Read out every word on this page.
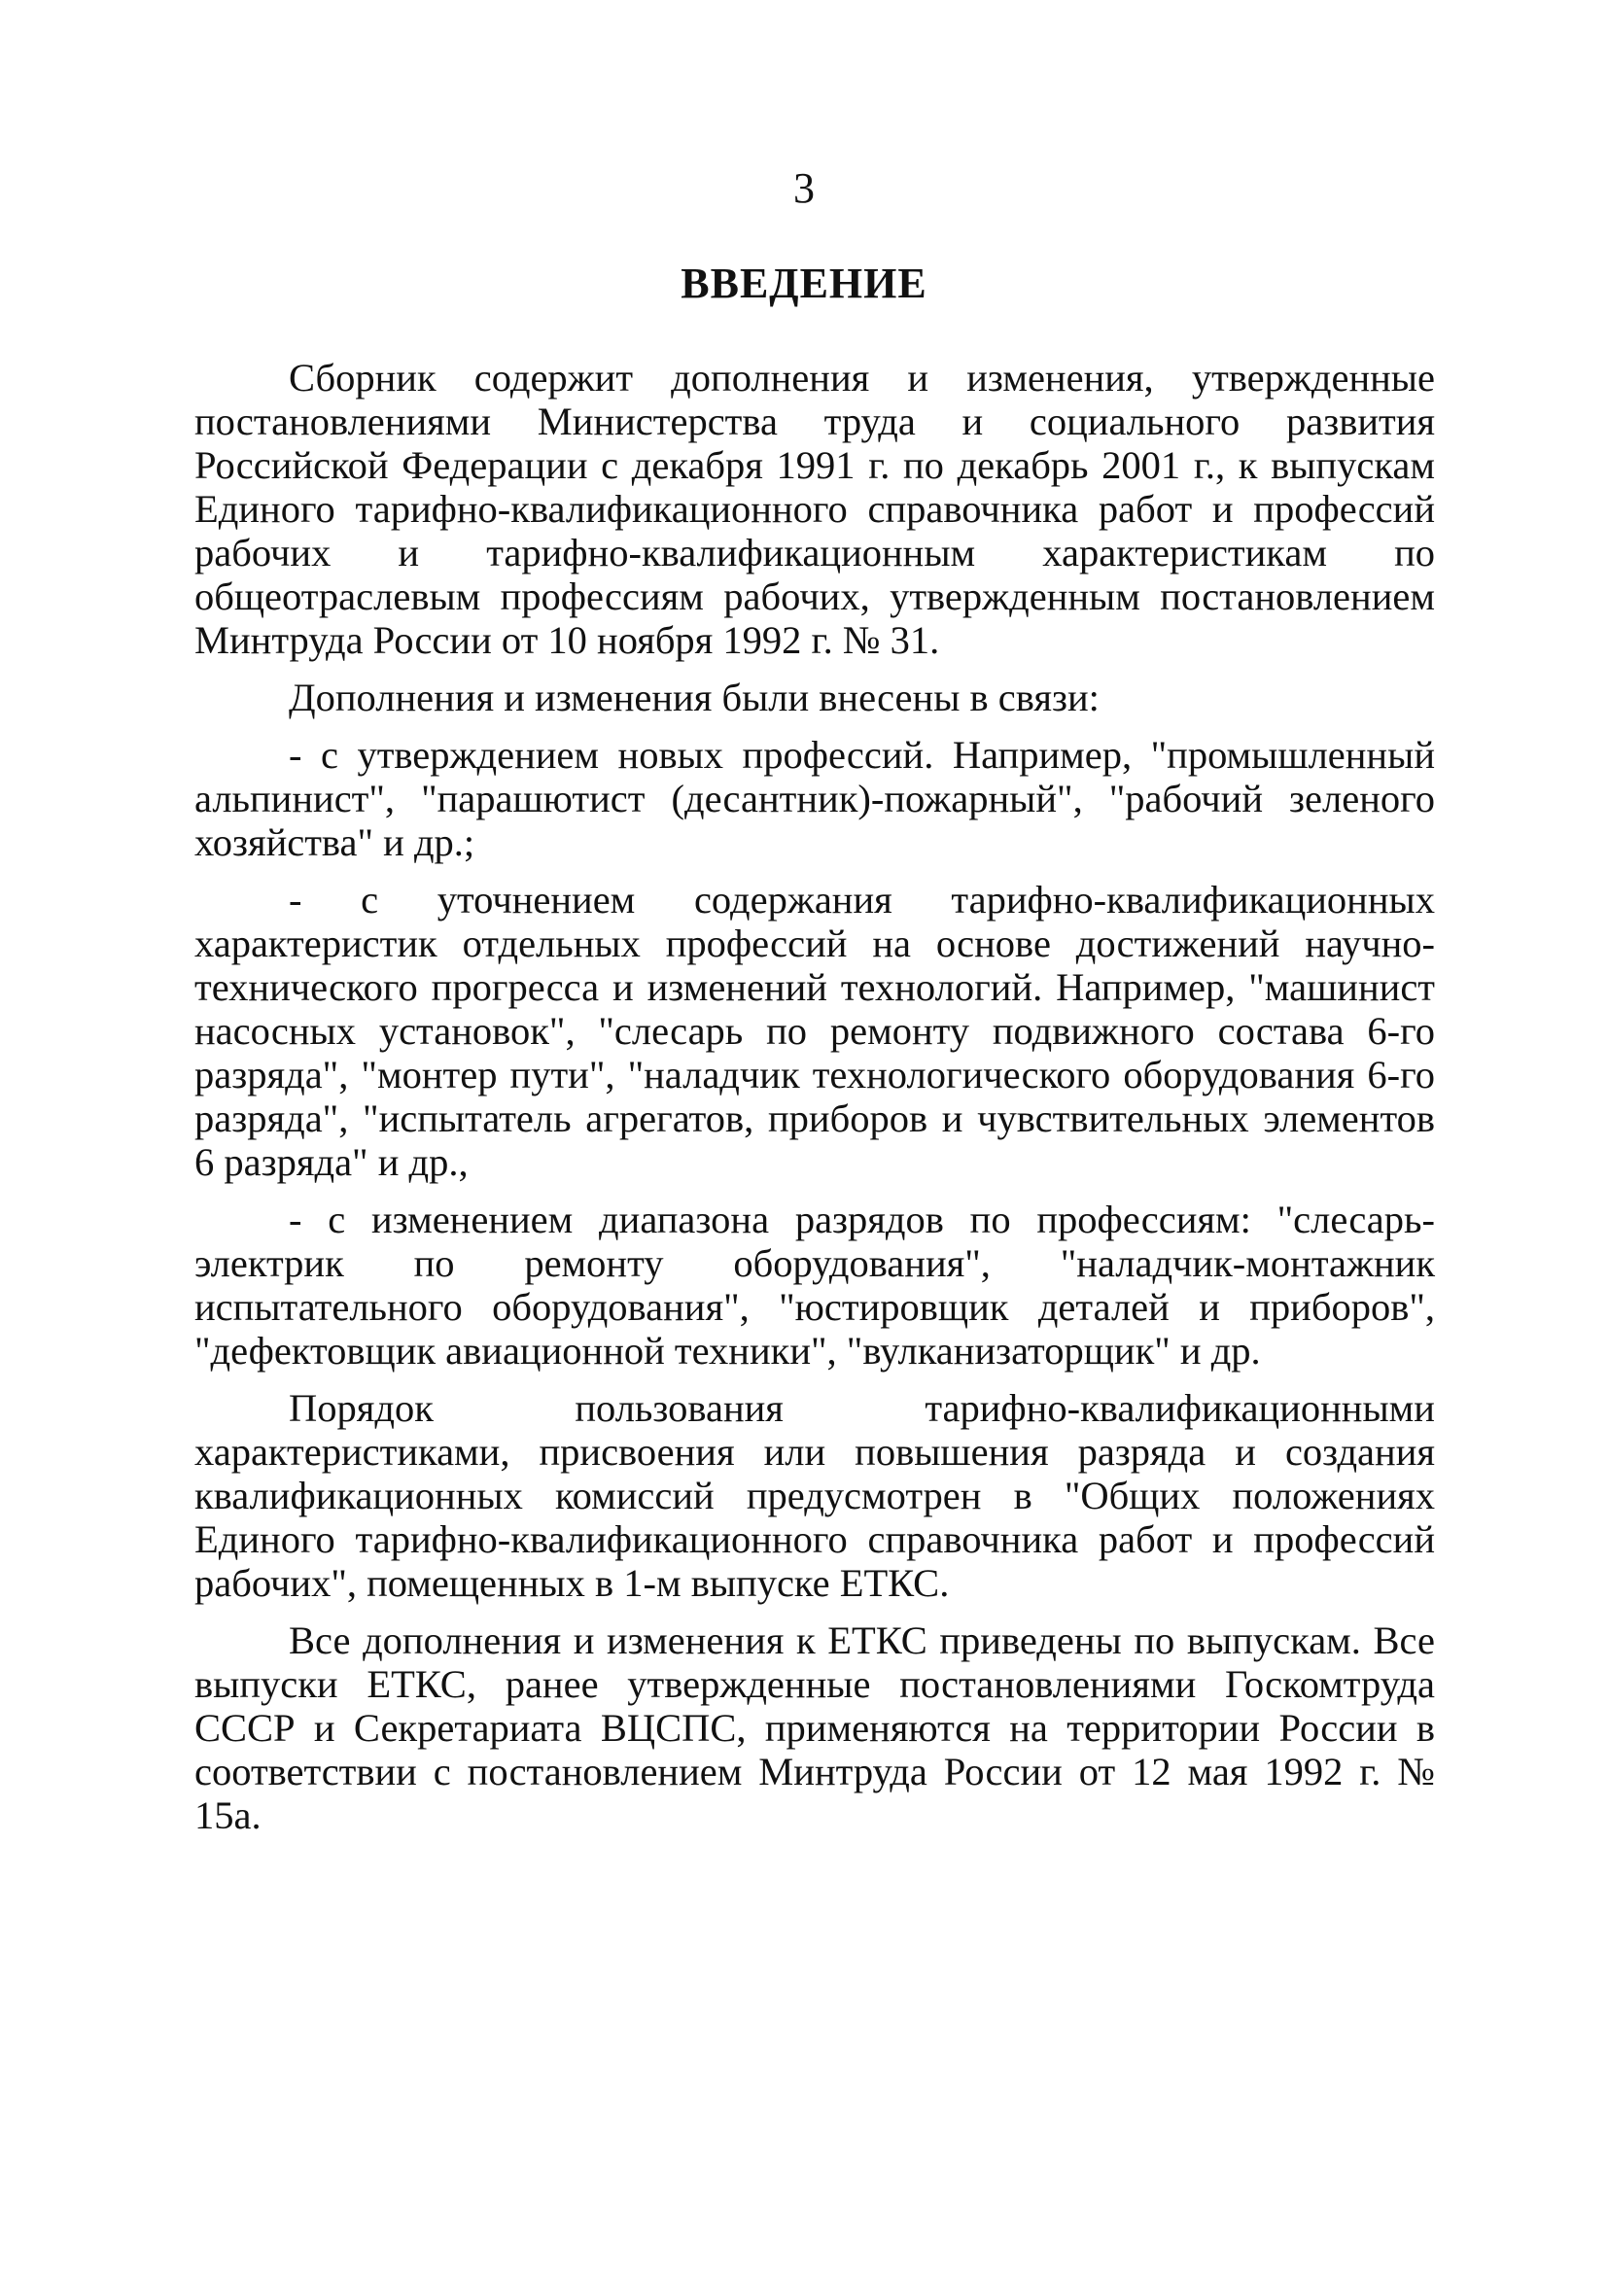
3
ВВЕДЕНИЕ

Сборник содержит дополнения и изменения, утвержденные постановлениями Министерства труда и социального развития Российской Федерации с декабря 1991 г. по декабрь 2001 г., к выпускам Единого тарифно-квалификационного справочника работ и профессий рабочих и тарифно-квалификационным характеристикам по общеотраслевым профессиям рабочих, утвержденным постановлением Минтруда России от 10 ноября 1992 г. № 31.

Дополнения и изменения были внесены в связи:

- с утверждением новых профессий. Например, "промышленный альпинист", "парашютист (десантник)-пожарный", "рабочий зеленого хозяйства" и др.;

- с уточнением содержания тарифно-квалификационных характеристик отдельных профессий на основе достижений научно-технического прогресса и изменений технологий. Например, "машинист насосных установок", "слесарь по ремонту подвижного состава 6-го разряда", "монтер пути", "наладчик технологического оборудования 6-го разряда", "испытатель агрегатов, приборов и чувствительных элементов 6 разряда" и др.,

- с изменением диапазона разрядов по профессиям: "слесарь-электрик по ремонту оборудования", "наладчик-монтажник испытательного оборудования", "юстировщик деталей и приборов", "дефектовщик авиационной техники", "вулканизаторщик" и др.

Порядок пользования тарифно-квалификационными характеристиками, присвоения или повышения разряда и создания квалификационных комиссий предусмотрен в "Общих положениях Единого тарифно-квалификационного справочника работ и профессий рабочих", помещенных в 1-м выпуске ЕТКС.

Все дополнения и изменения к ЕТКС приведены по выпускам. Все выпуски ЕТКС, ранее утвержденные постановлениями Госкомтруда СССР и Секретариата ВЦСПС, применяются на территории России в соответствии с постановлением Минтруда России от 12 мая 1992 г. № 15а.
